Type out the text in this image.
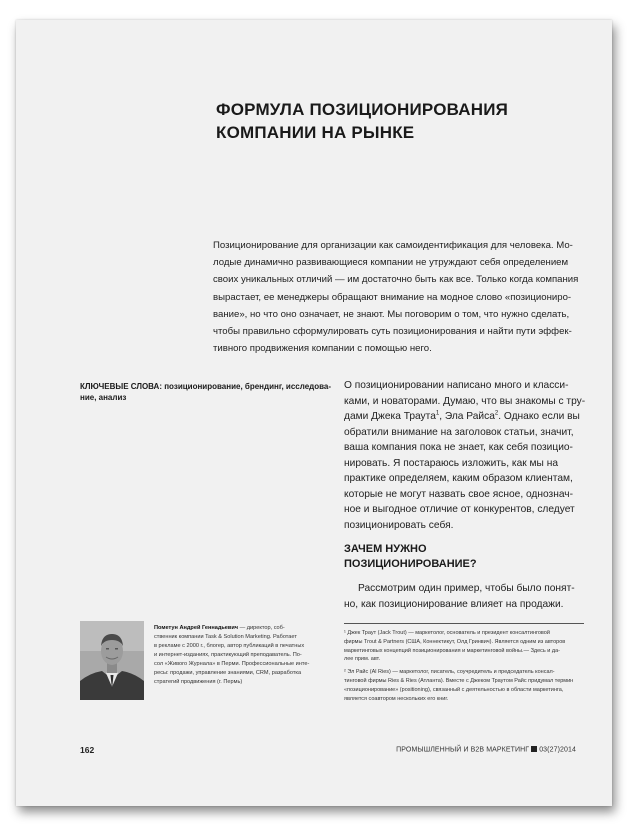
ФОРМУЛА ПОЗИЦИОНИРОВАНИЯ
КОМПАНИИ НА РЫНКЕ
Позиционирование для организации как самоидентификация для человека. Мо-
лодые динамично развивающиеся компании не утруждают себя определением
своих уникальных отличий — им достаточно быть как все. Только когда компания
вырастает, ее менеджеры обращают внимание на модное слово «позициониро-
вание», но что оно означает, не знают. Мы поговорим о том, что нужно сделать,
чтобы правильно сформулировать суть позиционирования и найти пути эффек-
тивного продвижения компании с помощью него.
КЛЮЧЕВЫЕ СЛОВА: позиционирование, брендинг, исследова-
ние, анализ
О позиционировании написано много и класси-
ками, и новаторами. Думаю, что вы знакомы с тру-
дами Джека Траута$^1$, Эла Райса$^2$. Однако если вы
обратили внимание на заголовок статьи, значит,
ваша компания пока не знает, как себя позицио-
нировать. Я постараюсь изложить, как мы на
практике определяем, каким образом клиентам,
которые не могут назвать свое ясное, однознач-
ное и выгодное отличие от конкурентов, следует
позиционировать себя.
ЗАЧЕМ НУЖНО
ПОЗИЦИОНИРОВАНИЕ?
Рассмотрим один пример, чтобы было понят-
но, как позиционирование влияет на продажи.
Пометун Андрей Геннадьевич — директор, соб-
ственник компании Task & Solution Marketing. Работает
в рекламе с 2000 г., блогер, автор публикаций в печатных
и интернет-изданиях, практикующий преподаватель. По-
сол «Живого Журнала» в Перми. Профессиональные инте-
ресы: продажи, управление знаниями, CRM, разработка
стратегий продвижения (г. Пермь)
¹ Джек Траут (Jack Trout) — маркетолог, основатель и президент консалтинговой
фирмы Trout & Partners (США, Коннектикут, Олд Гринвич). Является одним из авторов
маркетинговых концепций позиционирования и маркетинговой войны.— Здесь и да-
лее прим. авт.
² Эл Райс (Al Ries) — маркетолог, писатель, соучредитель и председатель консал-
тинговой фирмы Ries & Ries (Атланта). Вместе с Джеком Траутом Райс придумал термин
«позиционирование» (positioning), связанный с деятельностью в области маркетинга,
является соавтором нескольких его книг.
162	ПРОМЫШЛЕННЫЙ И B2B МАРКЕТИНГ 03(27)2014
